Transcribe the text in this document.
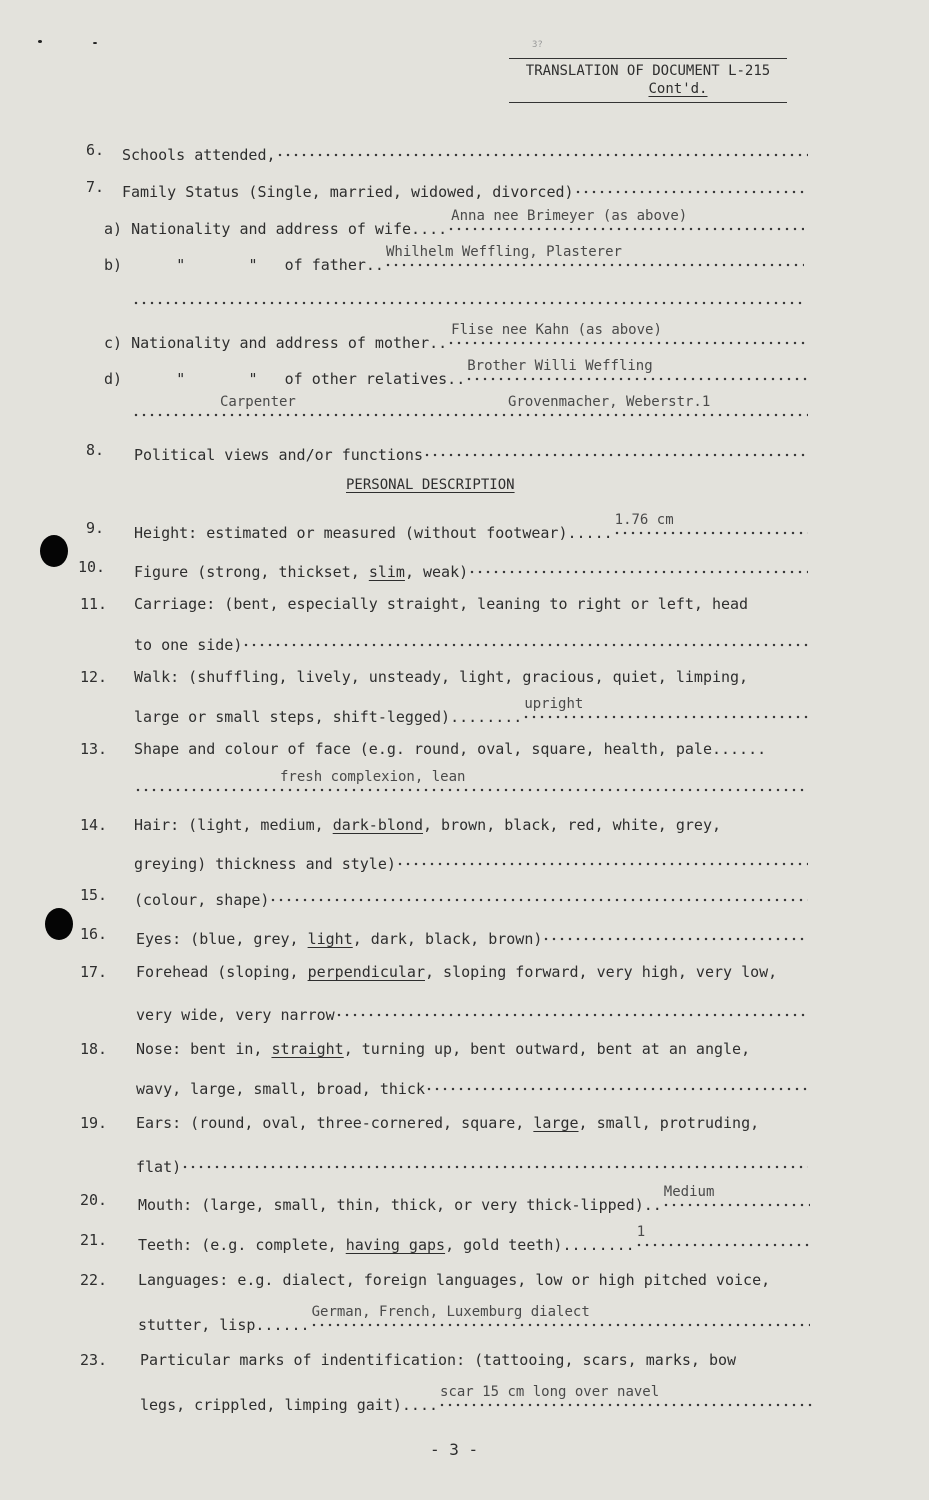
3?
TRANSLATION OF DOCUMENT L-215
Cont'd.
6.	Schools attended,
7.	Family Status (Single, married, widowed, divorced)
a) Nationality and address of wife....
Anna nee Brimeyer (as above)
b)      "       "   of father..
Whilhelm Weffling, Plasterer
c) Nationality and address of mother..
Flise nee Kahn (as above)
d)      "       "   of other relatives..
Brother Willi Weffling
Carpenter	Grovenmacher, Weberstr.1
8.	Political views and/or functions
PERSONAL DESCRIPTION
9.	Height: estimated or measured (without footwear).....
1.76 cm
10.	Figure (strong, thickset, slim, weak)
11.	Carriage: (bent, especially straight, leaning to right or left, head
to one side)
12.	Walk: (shuffling, lively, unsteady, light, gracious, quiet, limping,
large or small steps, shift-legged)........
upright
13.	Shape and colour of face (e.g. round, oval, square, health, pale......
fresh complexion, lean
14.	Hair: (light, medium, dark-blond, brown, black, red, white, grey,
greying) thickness and style)
15.	(colour, shape)
16.	Eyes: (blue, grey, light, dark, black, brown)
17.	Forehead (sloping, perpendicular, sloping forward, very high, very low,
very wide, very narrow
18.	Nose: bent in, straight, turning up, bent outward, bent at an angle,
wavy, large, small, broad, thick
19.	Ears: (round, oval, three-cornered, square, large, small, protruding,
flat)
20.	Mouth: (large, small, thin, thick, or very thick-lipped)..
Medium
21.	Teeth: (e.g. complete, having gaps, gold teeth)........
1
22.	Languages: e.g. dialect, foreign languages, low or high pitched voice,
stutter, lisp......
German, French, Luxemburg dialect
23.	Particular marks of indentification: (tattooing, scars, marks, bow
legs, crippled, limping gait)....
scar 15 cm long over navel
- 3 -
